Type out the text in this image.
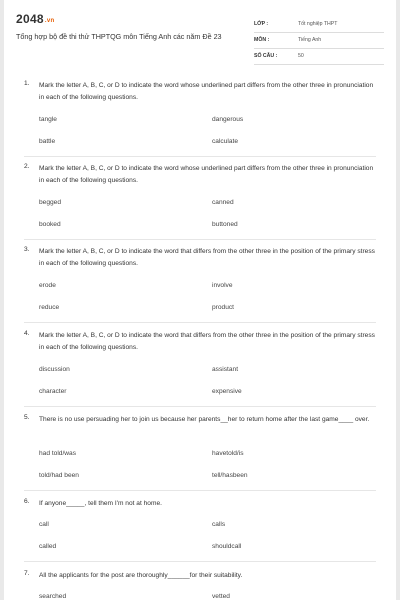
2048.vn
Tổng hợp bộ đề thi thử THPTQG môn Tiếng Anh các năm Đề 23
LỚP :	Tốt nghiệp THPT
MÔN :	Tiếng Anh
SỐ CÂU :	50
1. Mark the letter A, B, C, or D to indicate the word whose underlined part differs from the other three in pronunciation in each of the following questions.
tangle	dangerous
battle	calculate
2. Mark the letter A, B, C, or D to indicate the word whose underlined part differs from the other three in pronunciation in each of the following questions.
begged	canned
booked	buttoned
3. Mark the letter A, B, C, or D to indicate the word that differs from the other three in the position of the primary stress in each of the following questions.
erode	involve
reduce	product
4. Mark the letter A, B, C, or D to indicate the word that differs from the other three in the position of the primary stress in each of the following questions.
discussion	assistant
character	expensive
5. There is no use persuading her to join us because her parents__her to return home after the last game____ over.
had told/was	havetold/is
told/had been	tell/hasbeen
6. If anyone_____, tell them I'm not at home.
call	calls
called	shouldcall
7. All the applicants for the post are thoroughly______for their suitability.
searched	vetted
